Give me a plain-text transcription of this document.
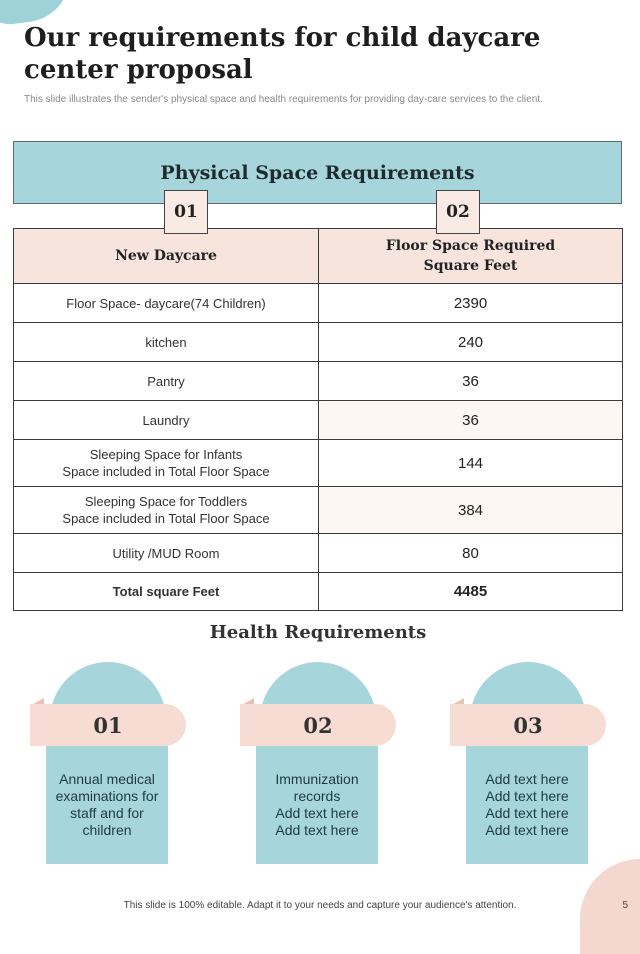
Our requirements for child daycare center proposal
This slide illustrates the sender's physical space and health requirements for providing day-care services to the client.
Physical Space Requirements
01	02
New Daycare	Floor Space Required Square Feet
Floor Space- daycare(74 Children)	2390
kitchen	240
Pantry	36
Laundry	36

Sleeping Space for Infants
Space included in Total Floor Space	144

Sleeping Space for Toddlers
Space included in Total Floor Space	384
Utility /MUD Room	80
Total square Feet	4485
Health Requirements
01
Annual medical
examinations for
staff and for
children
02
Immunization
records
Add text here
Add text here
03
Add text here
Add text here
Add text here
Add text here
This slide is 100% editable. Adapt it to your needs and capture your audience's attention.	5
